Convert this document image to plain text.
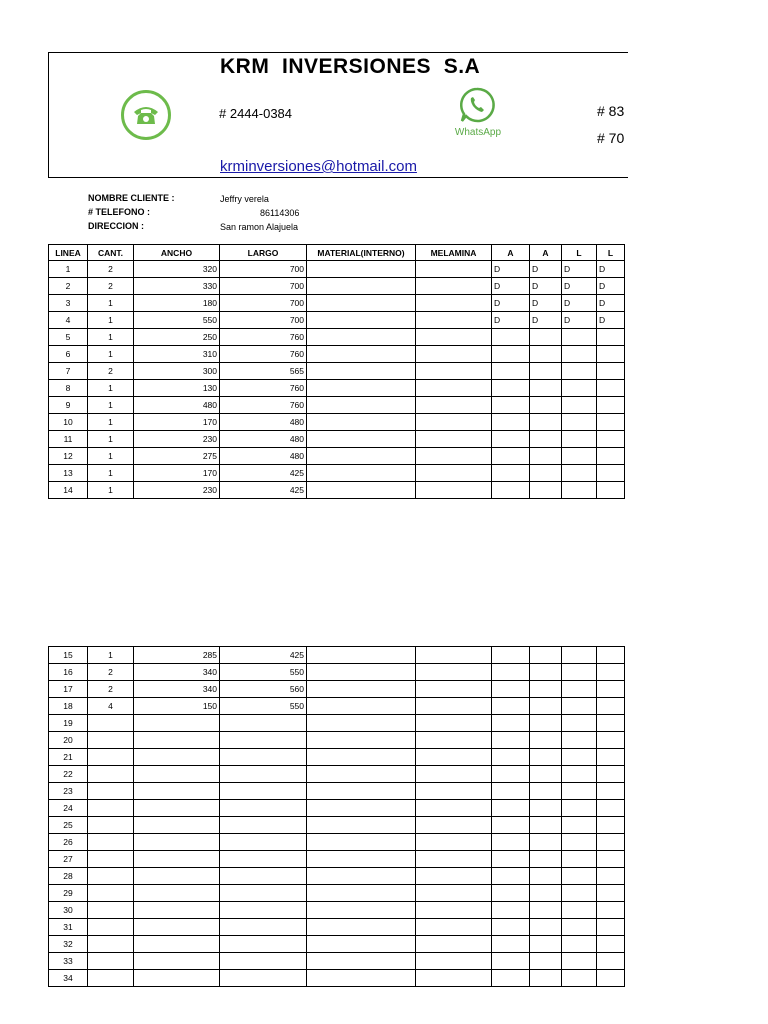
KRM  INVERSIONES  S.A
# 2444-0384
WhatsApp
# 83
# 70
krminversiones@hotmail.com
NOMBRE CLIENTE :	Jeffry verela
# TELEFONO :	86114306
DIRECCION :	San ramon Alajuela
LINEA	CANT.	ANCHO	LARGO	MATERIAL(INTERNO)	MELAMINA	A	A	L	L
1	2	320	700			D	D	D	D
2	2	330	700			D	D	D	D
3	1	180	700			D	D	D	D
4	1	550	700			D	D	D	D
5	1	250	760						
6	1	310	760						
7	2	300	565						
8	1	130	760						
9	1	480	760						
10	1	170	480						
11	1	230	480						
12	1	275	480						
13	1	170	425						
14	1	230	425						
15	1	285	425						
16	2	340	550						
17	2	340	560						
18	4	150	550						
19									
20									
21									
22									
23									
24									
25									
26									
27									
28									
29									
30									
31									
32									
33									
34									
